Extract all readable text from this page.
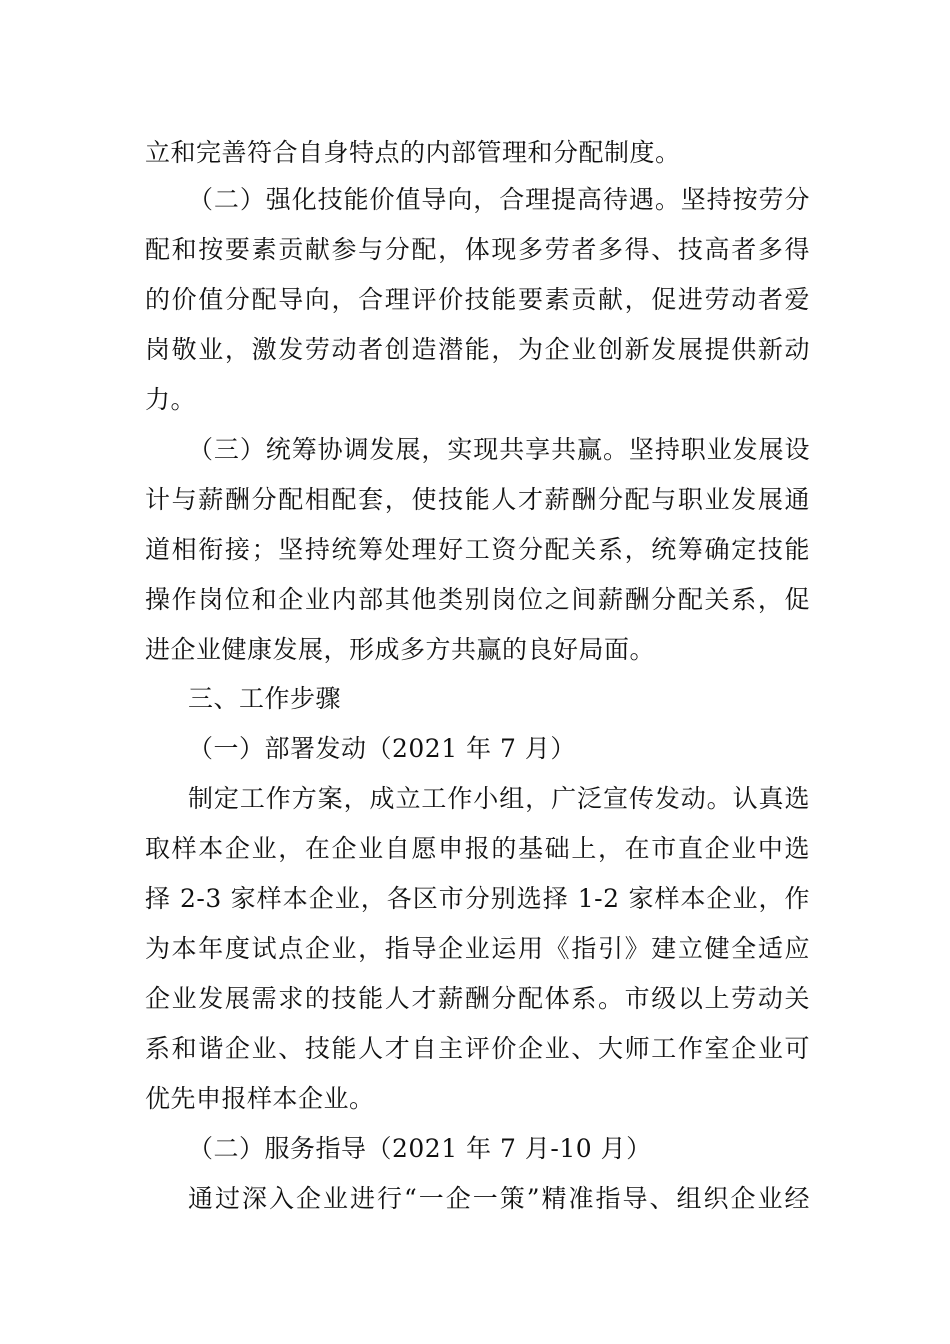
立和完善符合自身特点的内部管理和分配制度。
（二）强化技能价值导向，合理提高待遇。坚持按劳分
配和按要素贡献参与分配，体现多劳者多得、技高者多得
的价值分配导向，合理评价技能要素贡献，促进劳动者爱
岗敬业，激发劳动者创造潜能，为企业创新发展提供新动
力。
（三）统筹协调发展，实现共享共赢。坚持职业发展设
计与薪酬分配相配套，使技能人才薪酬分配与职业发展通
道相衔接；坚持统筹处理好工资分配关系，统筹确定技能
操作岗位和企业内部其他类别岗位之间薪酬分配关系，促
进企业健康发展，形成多方共赢的良好局面。
三、工作步骤
（一）部署发动（2021 年 7 月）
制定工作方案，成立工作小组，广泛宣传发动。认真选
取样本企业，在企业自愿申报的基础上，在市直企业中选
择 2-3 家样本企业，各区市分别选择 1-2 家样本企业，作
为本年度试点企业，指导企业运用《指引》建立健全适应
企业发展需求的技能人才薪酬分配体系。市级以上劳动关
系和谐企业、技能人才自主评价企业、大师工作室企业可
优先申报样本企业。
（二）服务指导（2021 年 7 月-10 月）
通过深入企业进行“一企一策”精准指导、组织企业经
